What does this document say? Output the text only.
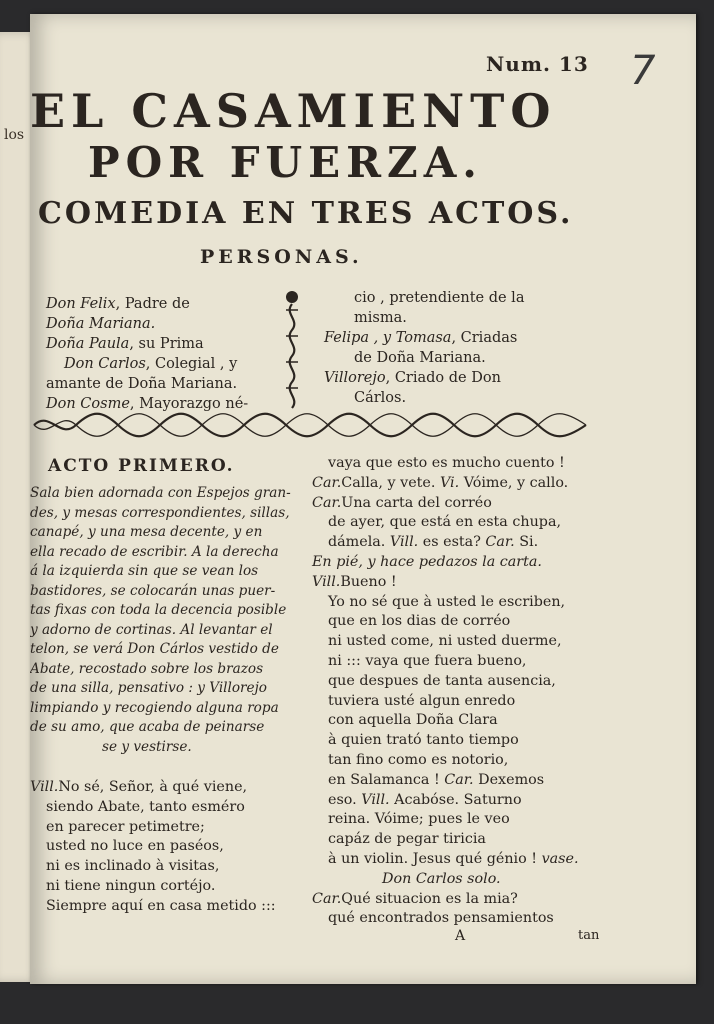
los
Num. 13 7
EL CASAMIENTO
POR FUERZA.
COMEDIA EN TRES ACTOS.
PERSONAS.
Don Felix, Padre de
Doña Mariana.
Doña Paula, su Prima
Don Carlos, Colegial , y
amante de Doña Mariana.
Don Cosme, Mayorazgo né-
cio , pretendiente de la
misma.
Felipa , y Tomasa, Criadas
de Doña Mariana.
Villorejo, Criado de Don
Cárlos.
ACTO PRIMERO.
Sala bien adornada con Espejos gran-
des, y mesas correspondientes, sillas,
canapé, y una mesa decente, y en
ella recado de escribir. A la derecha
á la izquierda sin que se vean los
bastidores, se colocarán unas puer-
tas fixas con toda la decencia posible
y adorno de cortinas. Al levantar el
telon, se verá Don Cárlos vestido de
Abate, recostado sobre los brazos
de una silla, pensativo : y Villorejo
limpiando y recogiendo alguna ropa
de su amo, que acaba de peinarse
se y vestirse.
Vill.No sé, Señor, à qué viene,
siendo Abate, tanto esméro
en parecer petimetre;
usted no luce en paséos,
ni es inclinado à visitas,
ni tiene ningun cortéjo.
Siempre aquí en casa metido :::
vaya que esto es mucho cuento !
Car.Calla, y vete. Vi. Vóime, y callo.
Car.Una carta del corréo
de ayer, que está en esta chupa,
dámela. Vill. es esta? Car. Si.
En pié, y hace pedazos la carta.
Vill.Bueno !
Yo no sé que à usted le escriben,
que en los dias de corréo
ni usted come, ni usted duerme,
ni ::: vaya que fuera bueno,
que despues de tanta ausencia,
tuviera usté algun enredo
con aquella Doña Clara
à quien trató tanto tiempo
tan fino como es notorio,
en Salamanca ! Car. Dexemos
eso. Vill. Acabóse. Saturno
reina. Vóime; pues le veo
capáz de pegar tiricia
à un violin. Jesus qué génio ! vase.
Don Carlos solo.
Car.Qué situacion es la mia?
qué encontrados pensamientos
A	tan
